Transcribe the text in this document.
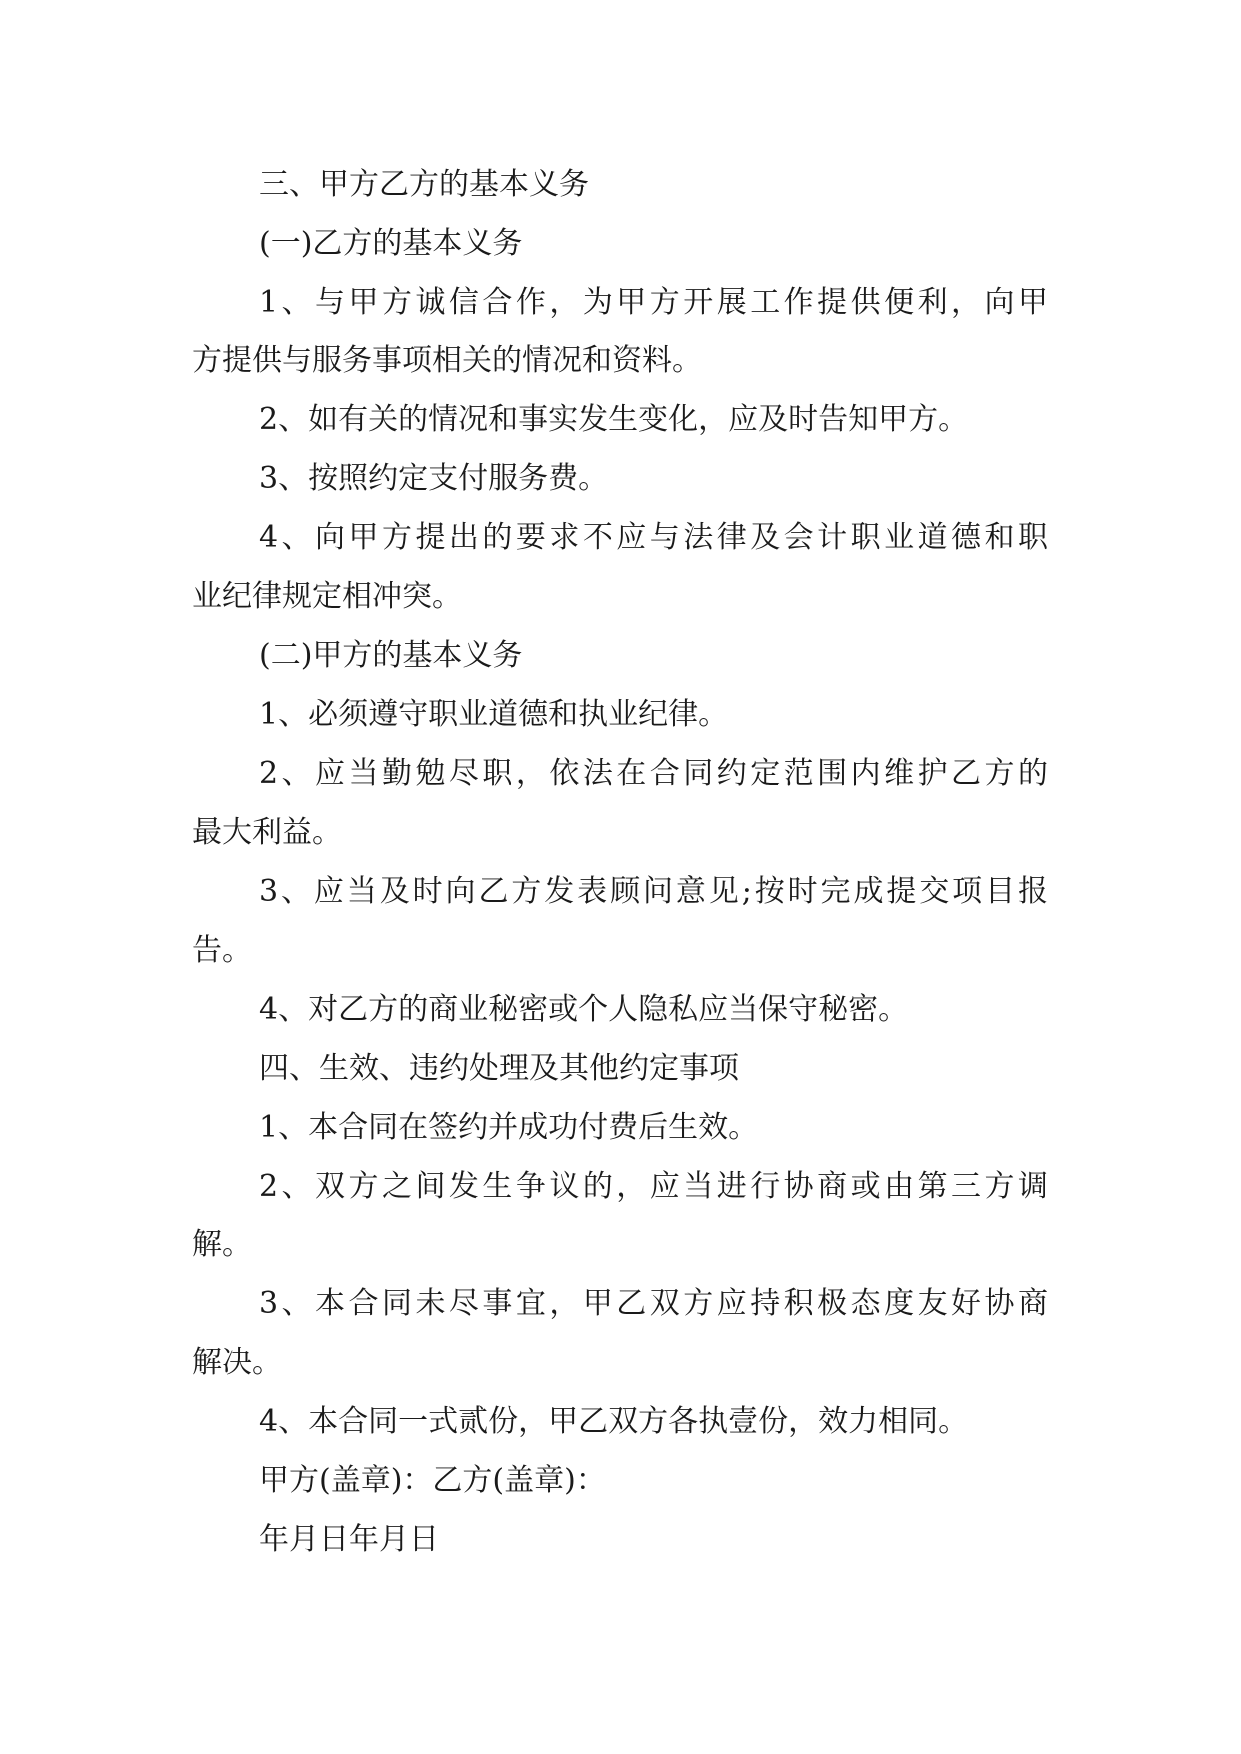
三、甲方乙方的基本义务

(一)乙方的基本义务

1、与甲方诚信合作，为甲方开展工作提供便利，向甲

方提供与服务事项相关的情况和资料。

2、如有关的情况和事实发生变化，应及时告知甲方。

3、按照约定支付服务费。

4、向甲方提出的要求不应与法律及会计职业道德和职

业纪律规定相冲突。

(二)甲方的基本义务

1、必须遵守职业道德和执业纪律。

2、应当勤勉尽职，依法在合同约定范围内维护乙方的

最大利益。

3、应当及时向乙方发表顾问意见;按时完成提交项目报

告。

4、对乙方的商业秘密或个人隐私应当保守秘密。

四、生效、违约处理及其他约定事项

1、本合同在签约并成功付费后生效。

2、双方之间发生争议的，应当进行协商或由第三方调

解。

3、本合同未尽事宜，甲乙双方应持积极态度友好协商

解决。

4、本合同一式贰份，甲乙双方各执壹份，效力相同。

甲方(盖章)：乙方(盖章)：

年月日年月日
